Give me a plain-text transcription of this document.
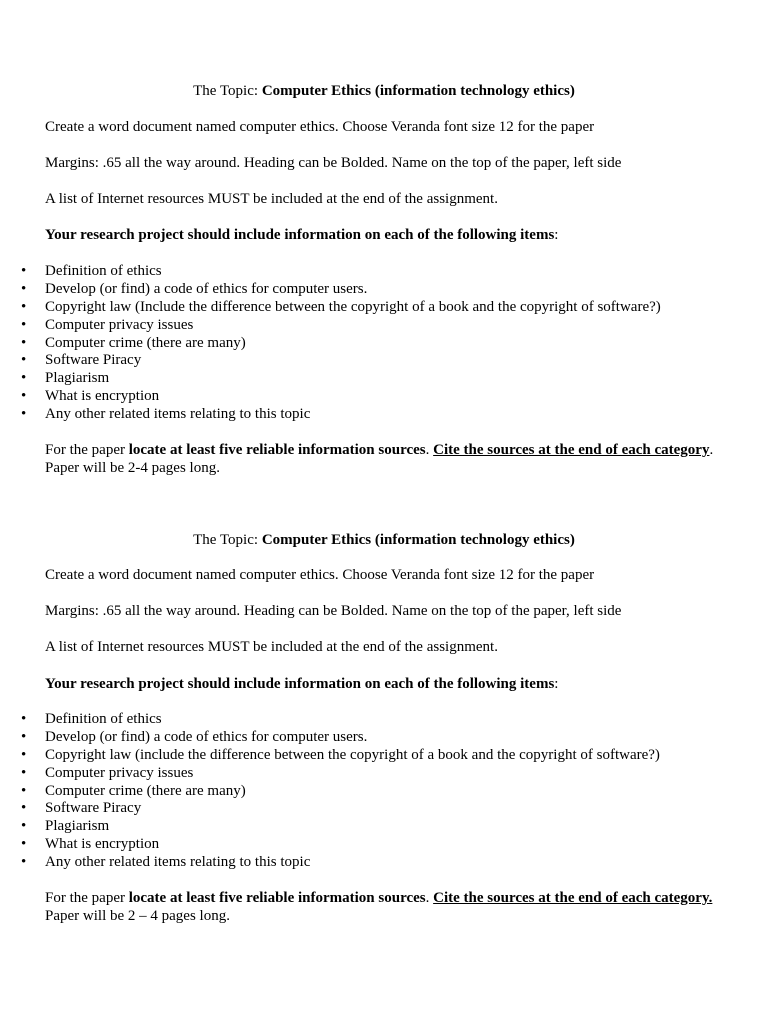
The Topic: Computer Ethics (information technology ethics)
Create a word document named computer ethics. Choose Veranda font size 12 for the paper
Margins: .65 all the way around. Heading can be Bolded. Name on the top of the paper, left side
A list of Internet resources MUST be included at the end of the assignment.
Your research project should include information on each of the following items:
• Definition of ethics
• Develop (or find) a code of ethics for computer users.
• Copyright law (Include the difference between the copyright of a book and the copyright of software?)
• Computer privacy issues
• Computer crime (there are many)
• Software Piracy
• Plagiarism
• What is encryption
• Any other related items relating to this topic
For the paper locate at least five reliable information sources. Cite the sources at the end of each category.
Paper will be 2-4 pages long.
The Topic: Computer Ethics (information technology ethics)
Create a word document named computer ethics. Choose Veranda font size 12 for the paper
Margins: .65 all the way around. Heading can be Bolded. Name on the top of the paper, left side
A list of Internet resources MUST be included at the end of the assignment.
Your research project should include information on each of the following items:
• Definition of ethics
• Develop (or find) a code of ethics for computer users.
• Copyright law (include the difference between the copyright of a book and the copyright of software?)
• Computer privacy issues
• Computer crime (there are many)
• Software Piracy
• Plagiarism
• What is encryption
• Any other related items relating to this topic
For the paper locate at least five reliable information sources. Cite the sources at the end of each category.
Paper will be 2 – 4 pages long.
